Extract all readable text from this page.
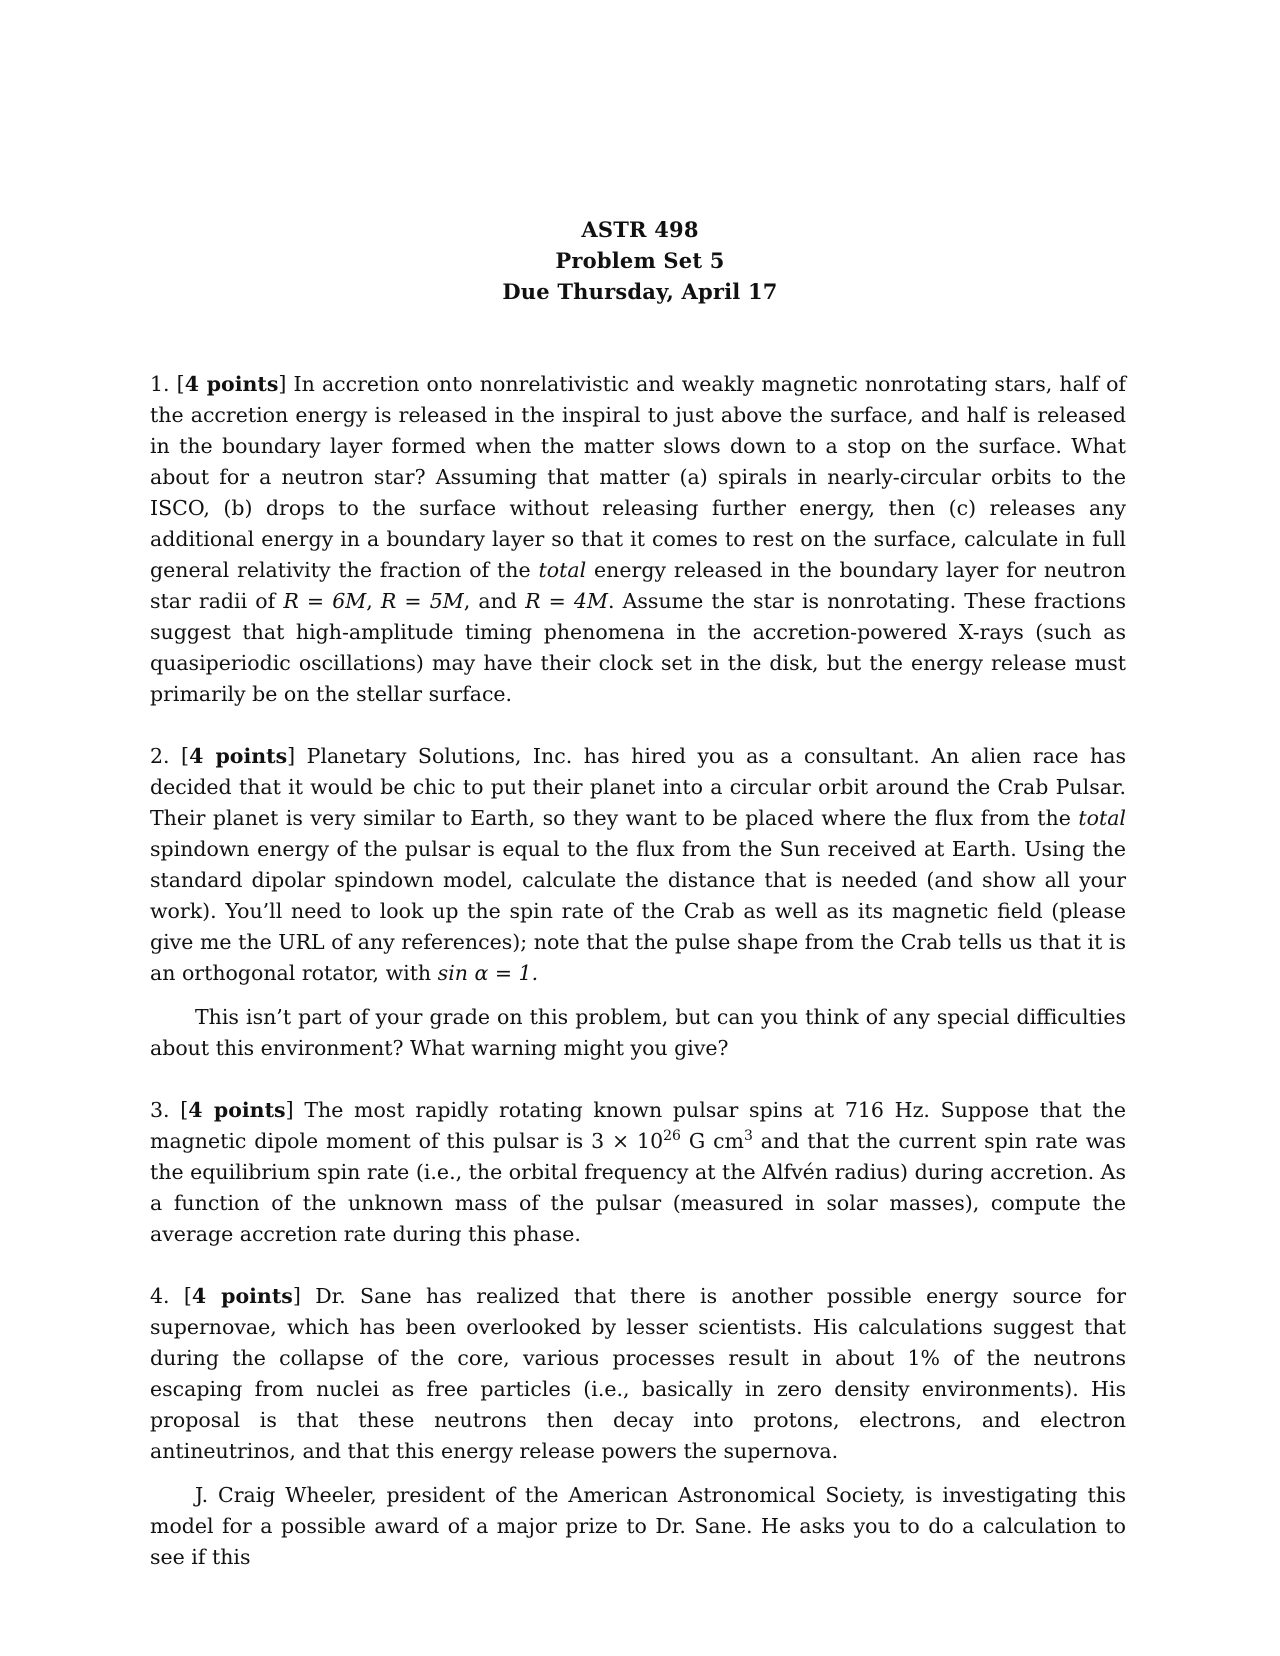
ASTR 498
Problem Set 5
Due Thursday, April 17

1. [4 points] In accretion onto nonrelativistic and weakly magnetic nonrotating stars, half of the accretion energy is released in the inspiral to just above the surface, and half is released in the boundary layer formed when the matter slows down to a stop on the surface. What about for a neutron star? Assuming that matter (a) spirals in nearly-circular orbits to the ISCO, (b) drops to the surface without releasing further energy, then (c) releases any additional energy in a boundary layer so that it comes to rest on the surface, calculate in full general relativity the fraction of the total energy released in the boundary layer for neutron star radii of R = 6M, R = 5M, and R = 4M. Assume the star is nonrotating. These fractions suggest that high-amplitude timing phenomena in the accretion-powered X-rays (such as quasiperiodic oscillations) may have their clock set in the disk, but the energy release must primarily be on the stellar surface.

2. [4 points] Planetary Solutions, Inc. has hired you as a consultant. An alien race has decided that it would be chic to put their planet into a circular orbit around the Crab Pulsar. Their planet is very similar to Earth, so they want to be placed where the flux from the total spindown energy of the pulsar is equal to the flux from the Sun received at Earth. Using the standard dipolar spindown model, calculate the distance that is needed (and show all your work). You’ll need to look up the spin rate of the Crab as well as its magnetic field (please give me the URL of any references); note that the pulse shape from the Crab tells us that it is an orthogonal rotator, with sin α = 1.

This isn’t part of your grade on this problem, but can you think of any special difficulties about this environment? What warning might you give?

3. [4 points] The most rapidly rotating known pulsar spins at 716 Hz. Suppose that the magnetic dipole moment of this pulsar is $3 \times 10^{26}$ G $cm^3$ and that the current spin rate was the equilibrium spin rate (i.e., the orbital frequency at the Alfvén radius) during accretion. As a function of the unknown mass of the pulsar (measured in solar masses), compute the average accretion rate during this phase.

4. [4 points] Dr. Sane has realized that there is another possible energy source for supernovae, which has been overlooked by lesser scientists. His calculations suggest that during the collapse of the core, various processes result in about 1% of the neutrons escaping from nuclei as free particles (i.e., basically in zero density environments). His proposal is that these neutrons then decay into protons, electrons, and electron antineutrinos, and that this energy release powers the supernova.

J. Craig Wheeler, president of the American Astronomical Society, is investigating this model for a possible award of a major prize to Dr. Sane. He asks you to do a calculation to see if this
